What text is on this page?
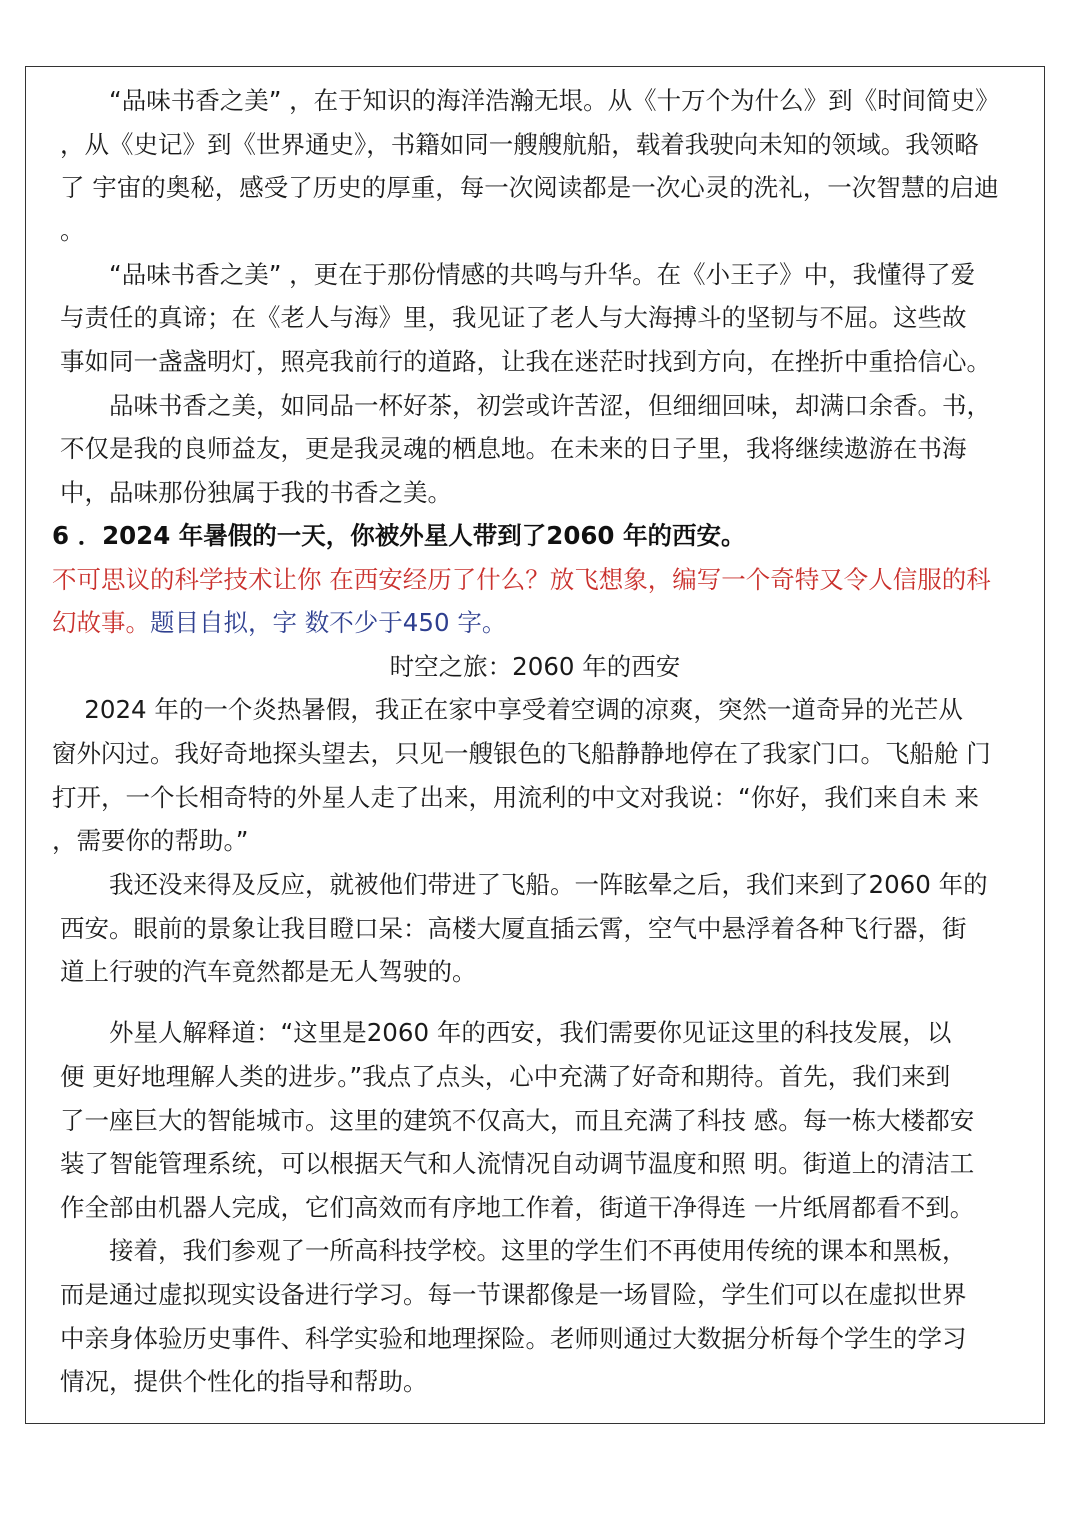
　　“品味书香之美” ，在于知识的海洋浩瀚无垠。从《十万个为什么》到《时间简史》
，从《史记》到《世界通史》，书籍如同一艘艘航船，载着我驶向未知的领域。我领略
了 宇宙的奥秘，感受了历史的厚重，每一次阅读都是一次心灵的洗礼，一次智慧的启迪
。
　　“品味书香之美” ，更在于那份情感的共鸣与升华。在《小王子》中，我懂得了爱
与责任的真谛；在《老人与海》里，我见证了老人与大海搏斗的坚韧与不屈。这些故
事如同一盏盏明灯，照亮我前行的道路，让我在迷茫时找到方向，在挫折中重拾信心。
　　品味书香之美，如同品一杯好茶，初尝或许苦涩，但细细回味，却满口余香。书，
不仅是我的良师益友，更是我灵魂的栖息地。在未来的日子里，我将继续遨游在书海
中，品味那份独属于我的书香之美。
6 ．2024 年暑假的一天，你被外星人带到了2060 年的西安。
不可思议的科学技术让你 在西安经历了什么？放飞想象，编写一个奇特又令人信服的科
幻故事。题目自拟，字 数不少于450 字。
时空之旅：2060 年的西安
　 2024 年的一个炎热暑假，我正在家中享受着空调的凉爽，突然一道奇异的光芒从
窗外闪过。我好奇地探头望去，只见一艘银色的飞船静静地停在了我家门口。飞船舱 门
打开，一个长相奇特的外星人走了出来，用流利的中文对我说：“你好，我们来自未 来
，需要你的帮助。”
　　我还没来得及反应，就被他们带进了飞船。一阵眩晕之后，我们来到了2060 年的
西安。眼前的景象让我目瞪口呆：高楼大厦直插云霄，空气中悬浮着各种飞行器，街
道上行驶的汽车竟然都是无人驾驶的。
　　外星人解释道：“这里是2060 年的西安，我们需要你见证这里的科技发展，以
便 更好地理解人类的进步。”我点了点头，心中充满了好奇和期待。首先，我们来到
了一座巨大的智能城市。这里的建筑不仅高大，而且充满了科技 感。每一栋大楼都安
装了智能管理系统，可以根据天气和人流情况自动调节温度和照 明。街道上的清洁工
作全部由机器人完成，它们高效而有序地工作着，街道干净得连 一片纸屑都看不到。
　　接着，我们参观了一所高科技学校。这里的学生们不再使用传统的课本和黑板，
而是通过虚拟现实设备进行学习。每一节课都像是一场冒险，学生们可以在虚拟世界
中亲身体验历史事件、科学实验和地理探险。老师则通过大数据分析每个学生的学习
情况，提供个性化的指导和帮助。
